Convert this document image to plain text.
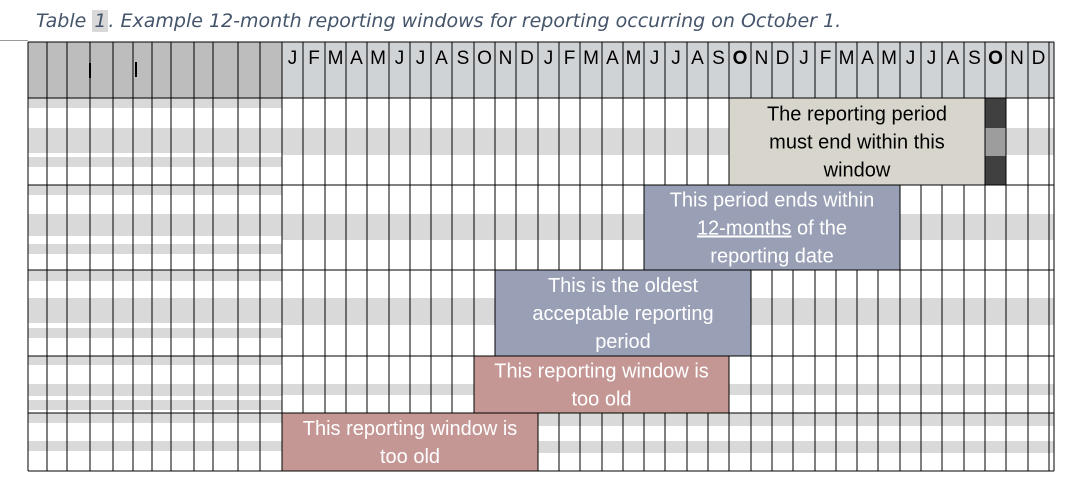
Table 1 . Example 12-month reporting windows for reporting occurring on October 1.
J F M A M J J A S O N D J F M A M J J A S O N D J F M A M J J A S O N D
The reporting period
must end within this
window
This period ends within
12-months of the
reporting date
This is the oldest
acceptable reporting
period
This reporting window is
too old
This reporting window is
too old
